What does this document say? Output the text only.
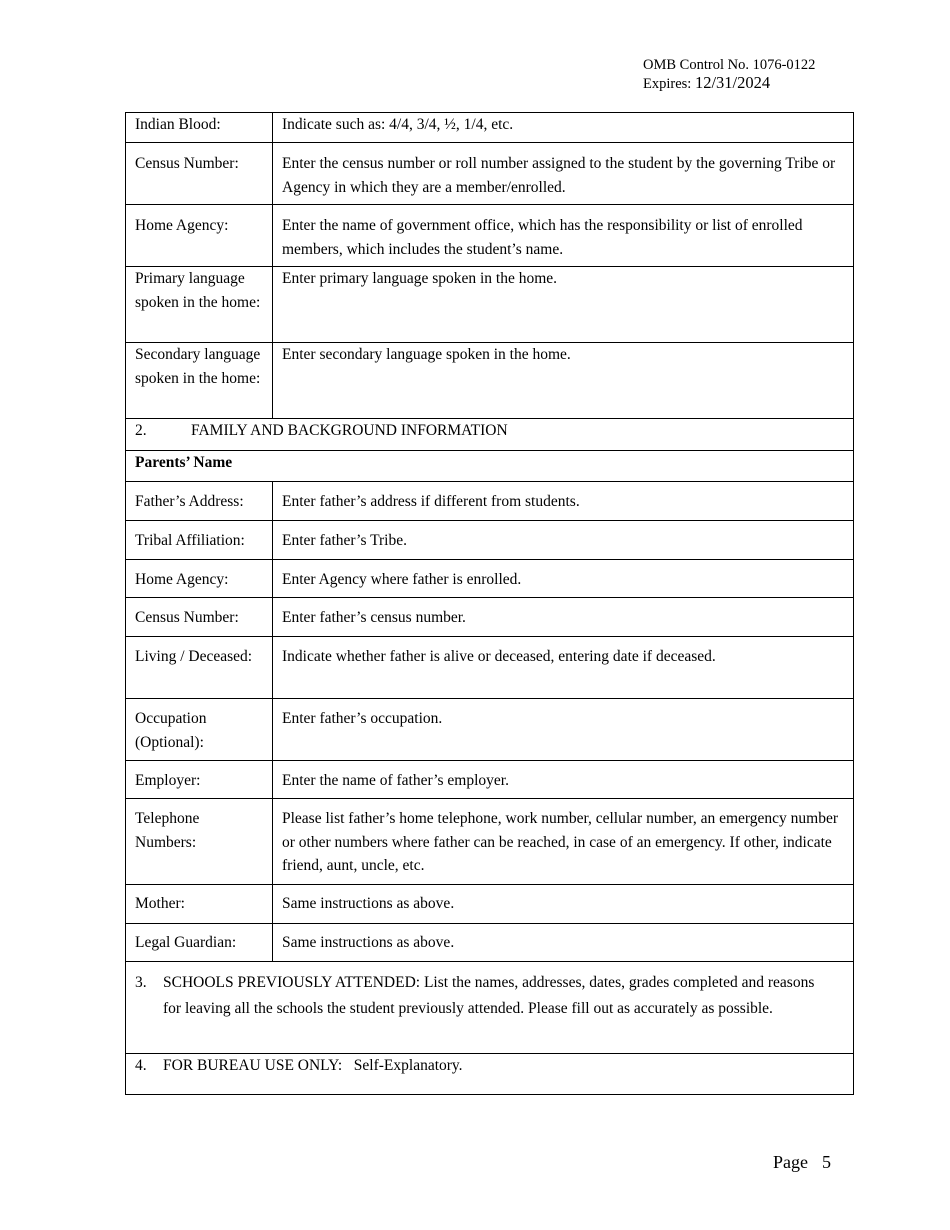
OMB Control No. 1076-0122
Expires: 12/31/2024
Indian Blood:	Indicate such as: 4/4, 3/4, ½, 1/4, etc.
Census Number:	Enter the census number or roll number assigned to the student by the governing Tribe or Agency in which they are a member/enrolled.
Home Agency:	Enter the name of government office, which has the responsibility or list of enrolled members, which includes the student’s name.
Primary language spoken in the home:	Enter primary language spoken in the home.
Secondary language spoken in the home:	Enter secondary language spoken in the home.
2. FAMILY AND BACKGROUND INFORMATION	
Parents’ Name	
Father’s Address:	Enter father’s address if different from students.
Tribal Affiliation:	Enter father’s Tribe.
Home Agency:	Enter Agency where father is enrolled.
Census Number:	Enter father’s census number.
Living / Deceased:	Indicate whether father is alive or deceased, entering date if deceased.
Occupation (Optional):	Enter father’s occupation.
Employer:	Enter the name of father’s employer.
Telephone Numbers:	Please list father’s home telephone, work number, cellular number, an emergency number or other numbers where father can be reached, in case of an emergency. If other, indicate friend, aunt, uncle, etc.
Mother:	Same instructions as above.
Legal Guardian:	Same instructions as above.

3. SCHOOLS PREVIOUSLY ATTENDED: List the names, addresses, dates, grades completed and reasons for leaving all the schools the student previously attended. Please fill out as accurately as possible.	

4. FOR BUREAU USE ONLY:   Self-Explanatory.	
Page 5
